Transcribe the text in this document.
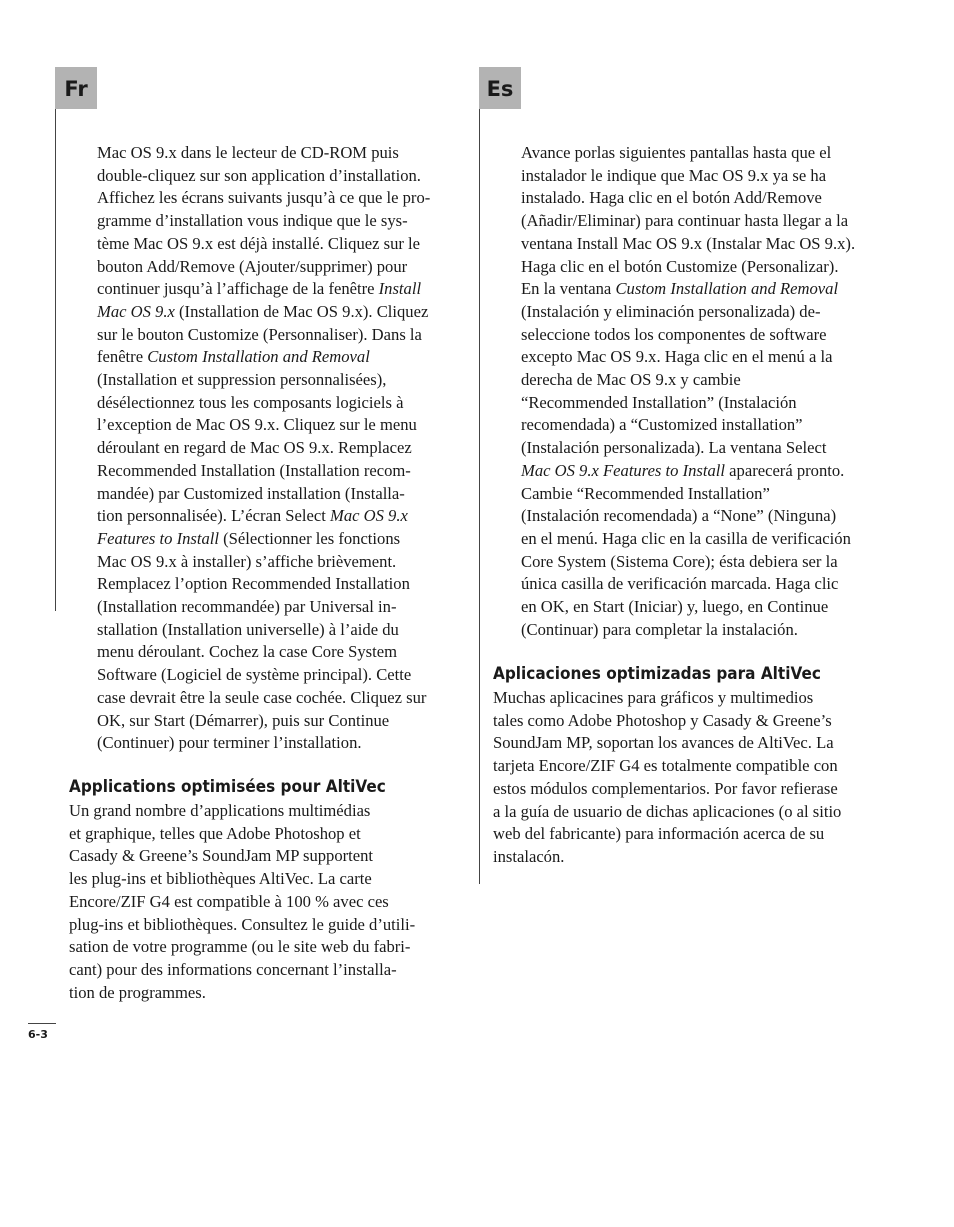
Fr
Mac OS 9.x dans le lecteur de CD-ROM puis
double-cliquez sur son application d’installation.
Affichez les écrans suivants jusqu’à ce que le pro-
gramme d’installation vous indique que le sys-
tème Mac OS 9.x est déjà installé. Cliquez sur le
bouton Add/Remove (Ajouter/supprimer) pour
continuer jusqu’à l’affichage de la fenêtre Install
Mac OS 9.x (Installation de Mac OS 9.x). Cliquez
sur le bouton Customize (Personnaliser). Dans la
fenêtre Custom Installation and Removal
(Installation et suppression personnalisées),
désélectionnez tous les composants logiciels à
l’exception de Mac OS 9.x. Cliquez sur le menu
déroulant en regard de Mac OS 9.x. Remplacez
Recommended Installation (Installation recom-
mandée) par Customized installation (Installa-
tion personnalisée). L’écran Select Mac OS 9.x
Features to Install (Sélectionner les fonctions
Mac OS 9.x à installer) s’affiche brièvement.
Remplacez l’option Recommended Installation
(Installation recommandée) par Universal in-
stallation (Installation universelle) à l’aide du
menu déroulant. Cochez la case Core System
Software (Logiciel de système principal). Cette
case devrait être la seule case cochée. Cliquez sur
OK, sur Start (Démarrer), puis sur Continue
(Continuer) pour terminer l’installation.
Applications optimisées pour AltiVec
Un grand nombre d’applications multimédias
et graphique, telles que Adobe Photoshop et
Casady & Greene’s SoundJam MP supportent
les plug-ins et bibliothèques AltiVec. La carte
Encore/ZIF G4 est compatible à 100 % avec ces
plug-ins et bibliothèques. Consultez le guide d’utili-
sation de votre programme (ou le site web du fabri-
cant) pour des informations concernant l’installa-
tion de programmes.
Es
Avance porlas siguientes pantallas hasta que el
instalador le indique que Mac OS 9.x ya se ha
instalado. Haga clic en el botón Add/Remove
(Añadir/Eliminar) para continuar hasta llegar a la
ventana Install Mac OS 9.x (Instalar Mac OS 9.x).
Haga clic en el botón Customize (Personalizar).
En la ventana Custom Installation and Removal
(Instalación y eliminación personalizada) de-
seleccione todos los componentes de software
excepto Mac OS 9.x. Haga clic en el menú a la
derecha de Mac OS 9.x y cambie
“Recommended Installation” (Instalación
recomendada) a “Customized installation”
(Instalación personalizada). La ventana Select
Mac OS 9.x Features to Install aparecerá pronto.
Cambie “Recommended Installation”
(Instalación recomendada) a “None” (Ninguna)
en el menú. Haga clic en la casilla de verificación
Core System (Sistema Core); ésta debiera ser la
única casilla de verificación marcada. Haga clic
en OK, en Start (Iniciar) y, luego, en Continue
(Continuar) para completar la instalación.
Aplicaciones optimizadas para AltiVec
Muchas aplicacines para gráficos y multimedios
tales como Adobe Photoshop y Casady & Greene’s
SoundJam MP, soportan los avances de AltiVec. La
tarjeta Encore/ZIF G4 es totalmente compatible con
estos módulos complementarios. Por favor refierase
a la guía de usuario de dichas aplicaciones (o al sitio
web del fabricante) para información acerca de su
instalacón.
6-3
